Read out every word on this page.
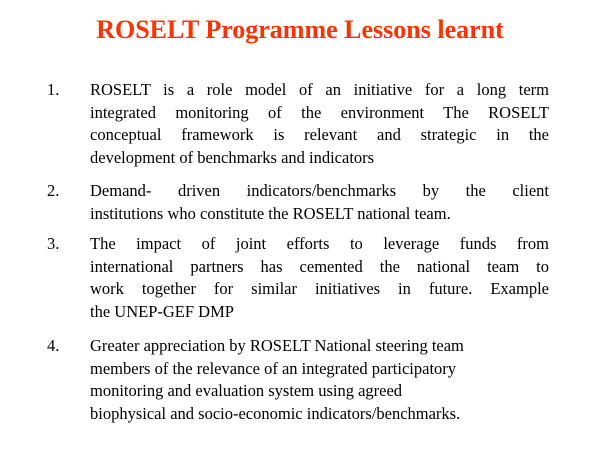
ROSELT Programme Lessons learnt
1. ROSELT is a role model of an initiative for a long term
integrated monitoring of the environment The ROSELT
conceptual framework is relevant and strategic in the
development of benchmarks and indicators
2. Demand- driven indicators/benchmarks by the client
institutions who constitute the ROSELT national team.
3. The impact of joint efforts to leverage funds from
international partners has cemented the national team to
work together for similar initiatives in future. Example
the UNEP-GEF DMP
4. Greater appreciation by ROSELT National steering team
members of the relevance of an integrated participatory
monitoring and evaluation system using agreed
biophysical and socio-economic indicators/benchmarks.
